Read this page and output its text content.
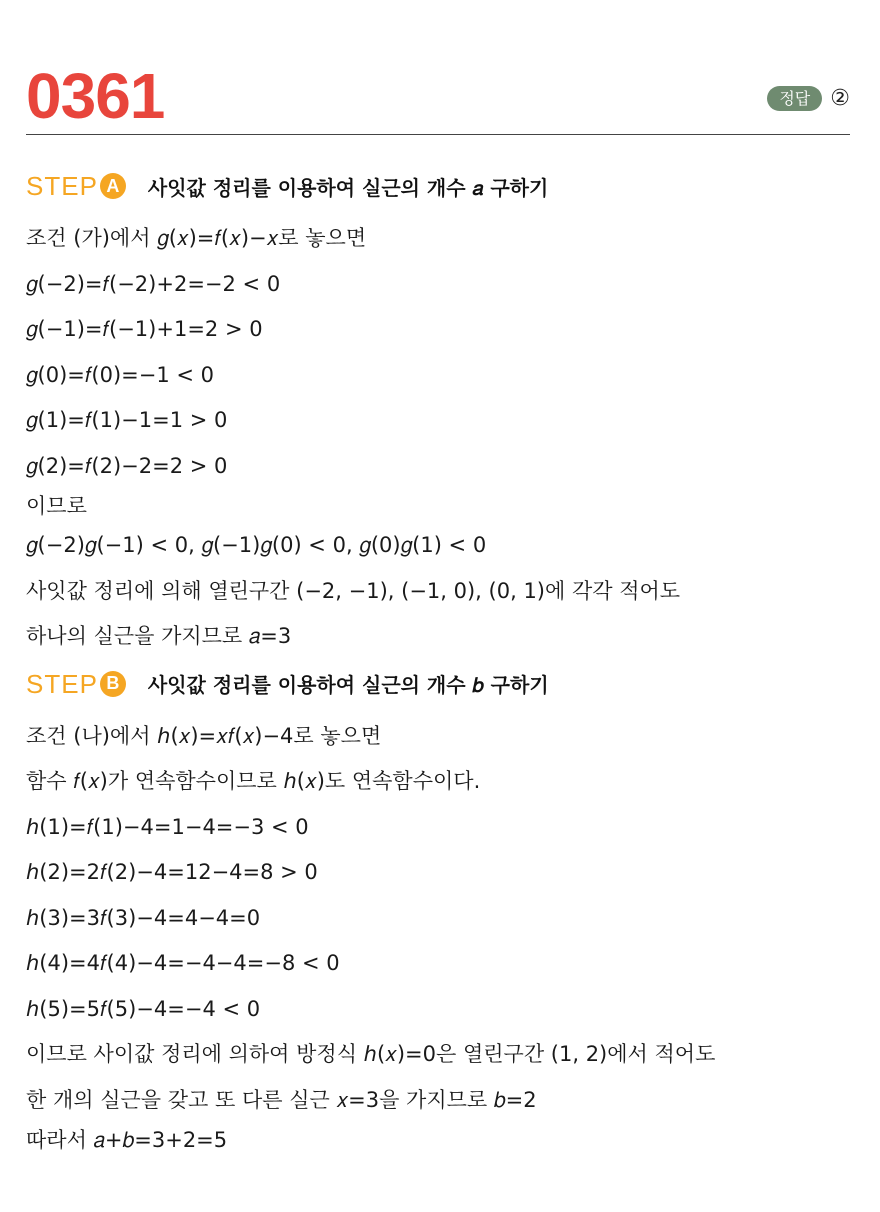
0361	정답 ②
STEP A	사잇값 정리를 이용하여 실근의 개수 𝑎 구하기
조건 (가)에서 𝑔(𝑥)=𝑓(𝑥)−𝑥로 놓으면
𝑔(−2)=𝑓(−2)+2=−2 < 0
𝑔(−1)=𝑓(−1)+1=2 > 0
𝑔(0)=𝑓(0)=−1 < 0
𝑔(1)=𝑓(1)−1=1 > 0
𝑔(2)=𝑓(2)−2=2 > 0
이므로
𝑔(−2)𝑔(−1) < 0, 𝑔(−1)𝑔(0) < 0, 𝑔(0)𝑔(1) < 0
사잇값 정리에 의해 열린구간 (−2, −1), (−1, 0), (0, 1)에 각각 적어도
하나의 실근을 가지므로 𝑎=3
STEP B	사잇값 정리를 이용하여 실근의 개수 𝑏 구하기
조건 (나)에서 ℎ(𝑥)=𝑥𝑓(𝑥)−4로 놓으면
함수 𝑓(𝑥)가 연속함수이므로 ℎ(𝑥)도 연속함수이다.
ℎ(1)=𝑓(1)−4=1−4=−3 < 0
ℎ(2)=2𝑓(2)−4=12−4=8 > 0
ℎ(3)=3𝑓(3)−4=4−4=0
ℎ(4)=4𝑓(4)−4=−4−4=−8 < 0
ℎ(5)=5𝑓(5)−4=−4 < 0
이므로 사이값 정리에 의하여 방정식 ℎ(𝑥)=0은 열린구간 (1, 2)에서 적어도
한 개의 실근을 갖고 또 다른 실근 𝑥=3을 가지므로 𝑏=2
따라서 𝑎+𝑏=3+2=5
